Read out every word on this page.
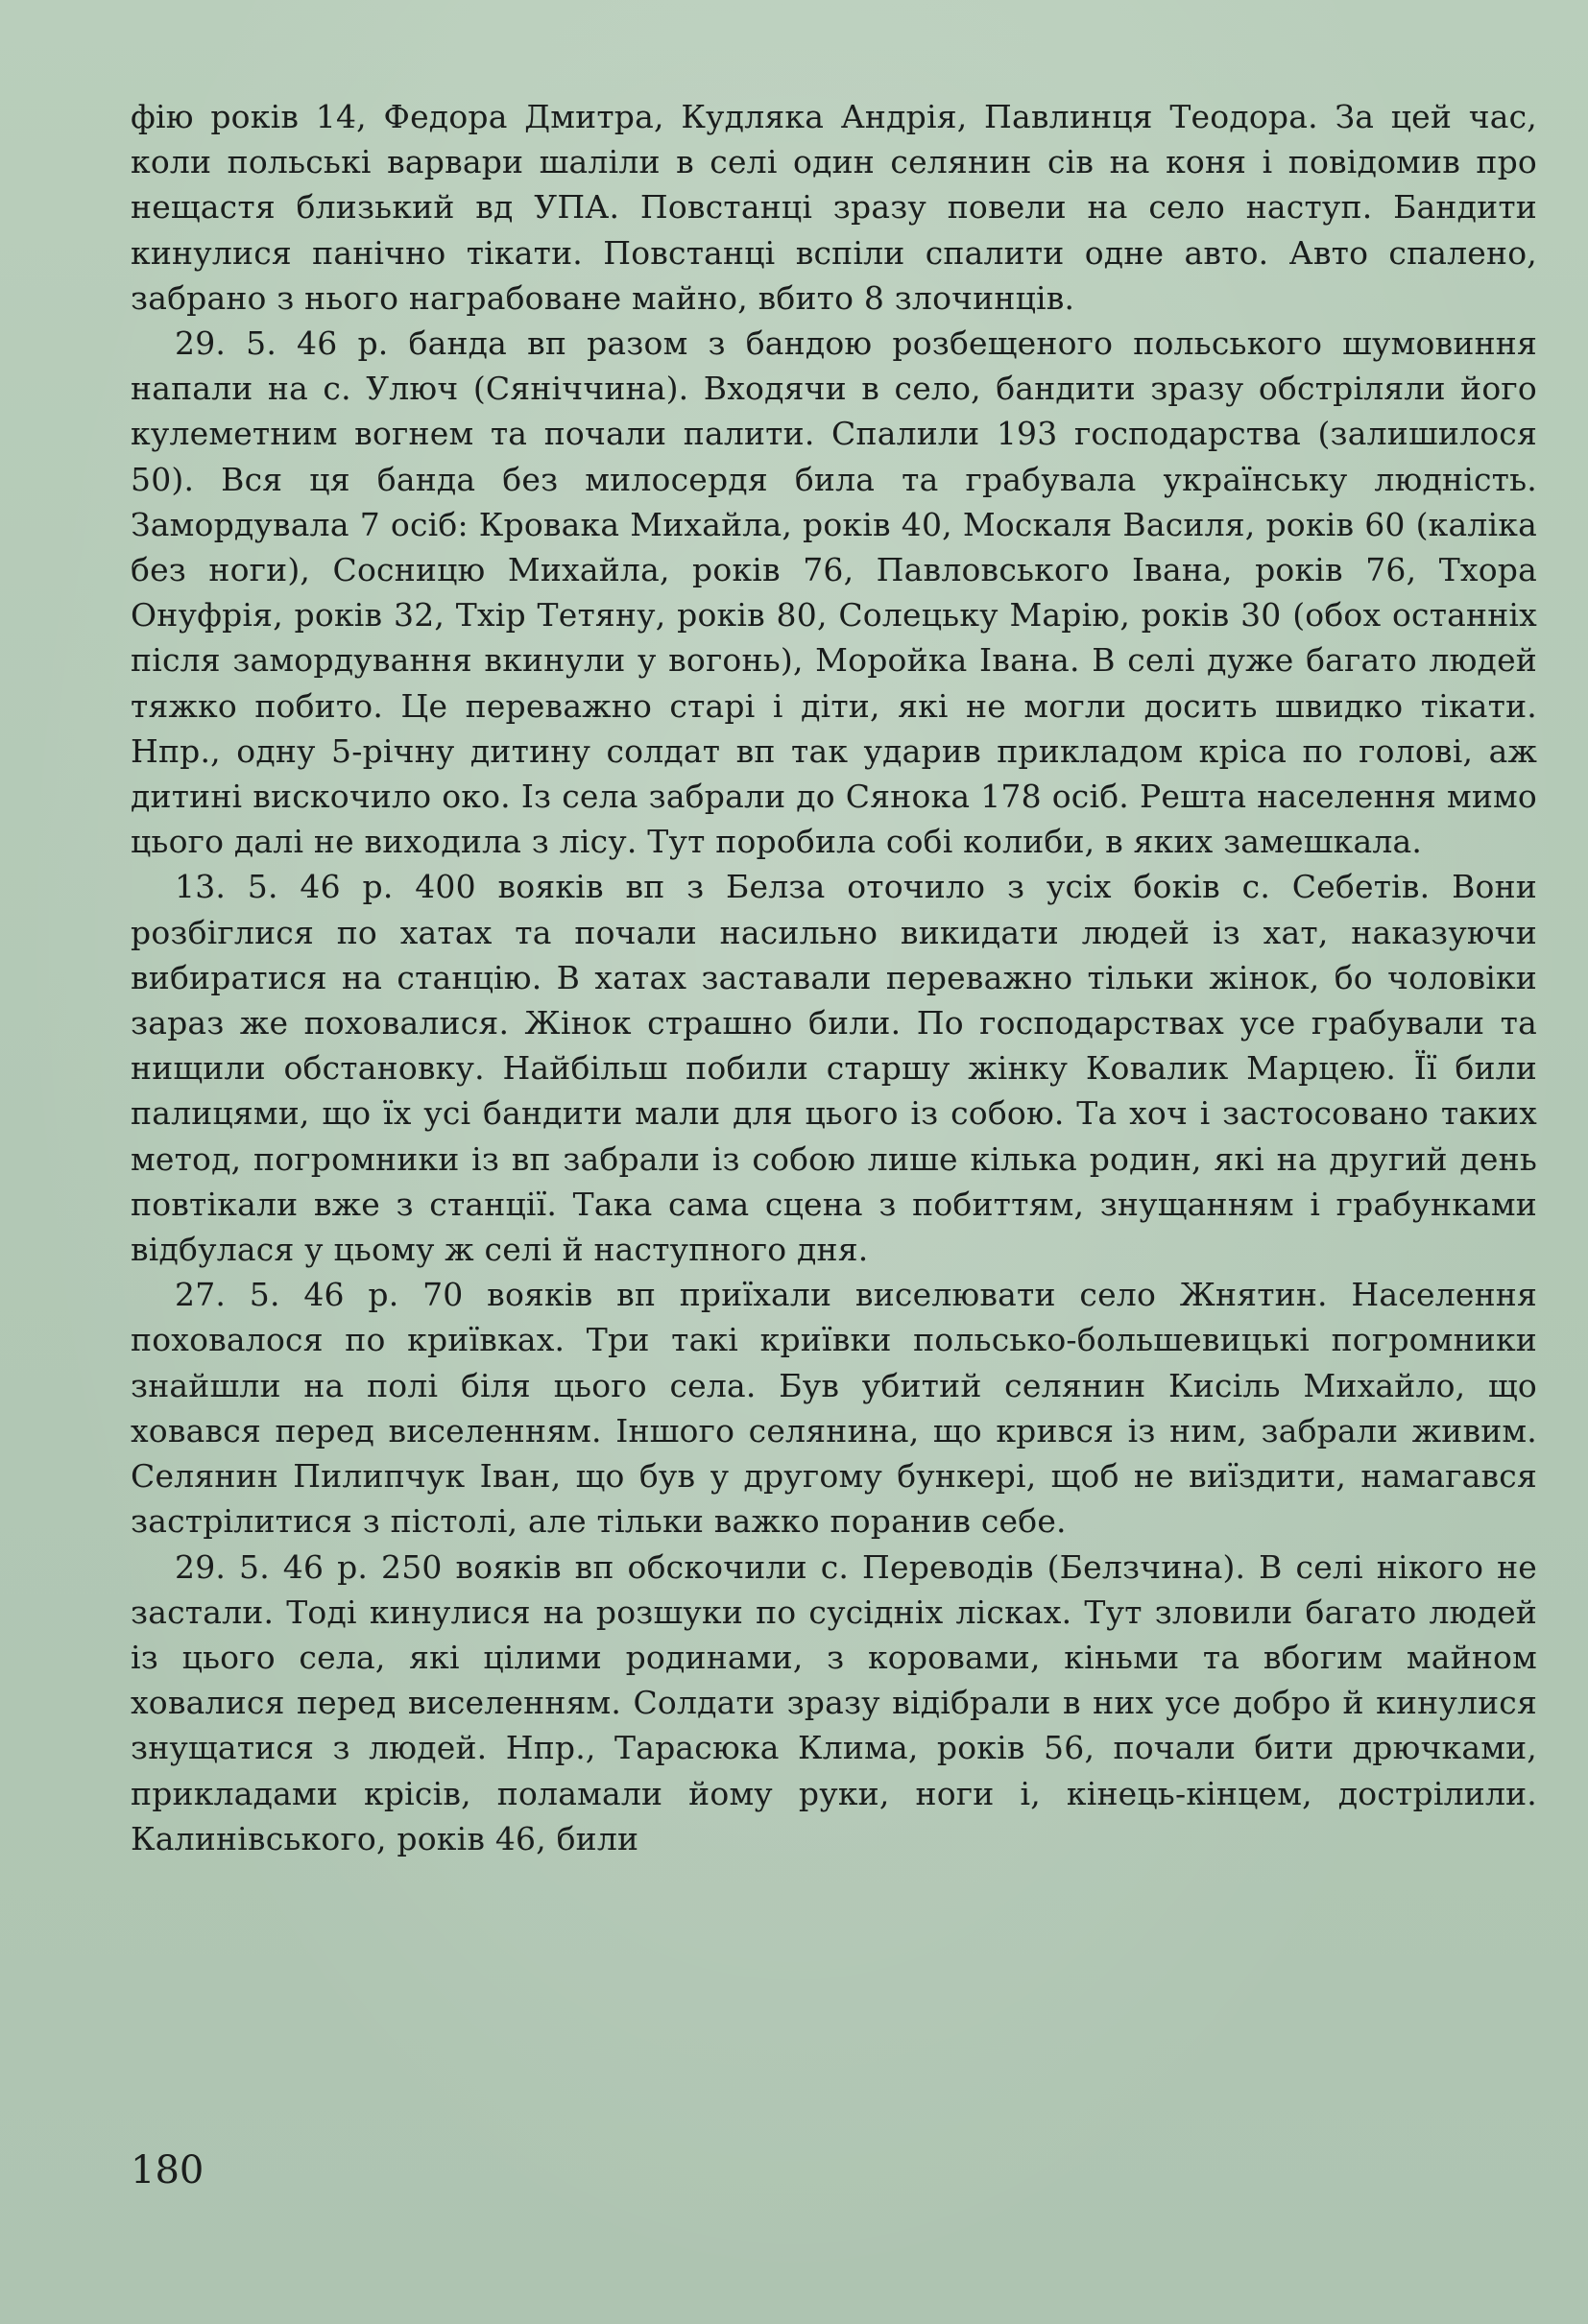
фію років 14, Федора Дмитра, Кудляка Андрія, Павлинця Теодора. За цей час, коли польські варвари шаліли в селі один селянин сів на коня і повідомив про нещастя близький вд УПА. Повстанці зразу повели на село наступ. Бандити кинулися панічно тікати. Повстанці вспіли спалити одне авто. Авто спалено, забрано з нього награбоване майно, вбито 8 злочинців.

29. 5. 46 р. банда вп разом з бандою розбещеного польського шумовиння напали на с. Улюч (Сянiччина). Входячи в село, бандити зразу обстріляли його кулеметним вогнем та почали палити. Спалили 193 господарства (залишилося 50). Вся ця банда без милосердя била та грабувала українську людність. Замордувала 7 осіб: Кровака Михайла, років 40, Москаля Василя, років 60 (каліка без ноги), Сосницю Михайла, років 76, Павловського Івана, років 76, Тхора Онуфрія, років 32, Тхір Тетяну, років 80, Солецьку Марію, років 30 (обох останніх після замордування вкинули у вогонь), Моройка Івана. В селі дуже багато людей тяжко побито. Це переважно старі і діти, які не могли досить швидко тікати. Нпр., одну 5-річну дитину солдат вп так ударив прикладом кріса по голові, аж дитині вискочило око. Із села забрали до Сянока 178 осіб. Решта населення мимо цього далі не виходила з лісу. Тут поробила собі колиби, в яких замешкала.

13. 5. 46 р. 400 вояків вп з Белза оточило з усіх боків с. Себетів. Вони розбіглися по хатах та почали насильно викидати людей із хат, наказуючи вибиратися на станцію. В хатах заставали переважно тільки жінок, бо чоловіки зараз же поховалися. Жінок страшно били. По господарствах усе грабували та нищили обстановку. Найбільш побили старшу жінку Ковалик Марцею. Її били палицями, що їх усі бандити мали для цього із собою. Та хоч і застосовано таких метод, погромники із вп забрали із собою лише кілька родин, які на другий день повтікали вже з станції. Така сама сцена з побиттям, знущанням і грабунками відбулася у цьому ж селі й наступного дня.

27. 5. 46 р. 70 вояків вп приїхали виселювати село Жнятин. Населення поховалося по криївках. Три такі криївки польсько-большевицькі погромники знайшли на полі біля цього села. Був убитий селянин Кисіль Михайло, що ховався перед виселенням. Іншого селянина, що кривcя із ним, забрали живим. Селянин Пилипчук Іван, що був у другому бункері, щоб не виїздити, намагався застрілитися з пістолі, але тільки важко поранив себе.

29. 5. 46 р. 250 вояків вп обскочили с. Переводів (Белзчина). В селі нікого не застали. Тоді кинулися на розшуки по сусідніх лісках. Тут зловили багато людей із цього села, які цілими родинами, з коровами, кіньми та вбогим майном ховалися перед виселенням. Солдати зразу відібрали в них усе добро й кинулися знущатися з людей. Нпр., Тарасюка Клима, років 56, почали бити дрючками, прикладами крісів, поламали йому руки, ноги і, кінець-кінцем, дострілили. Калинівського, років 46, били

180
